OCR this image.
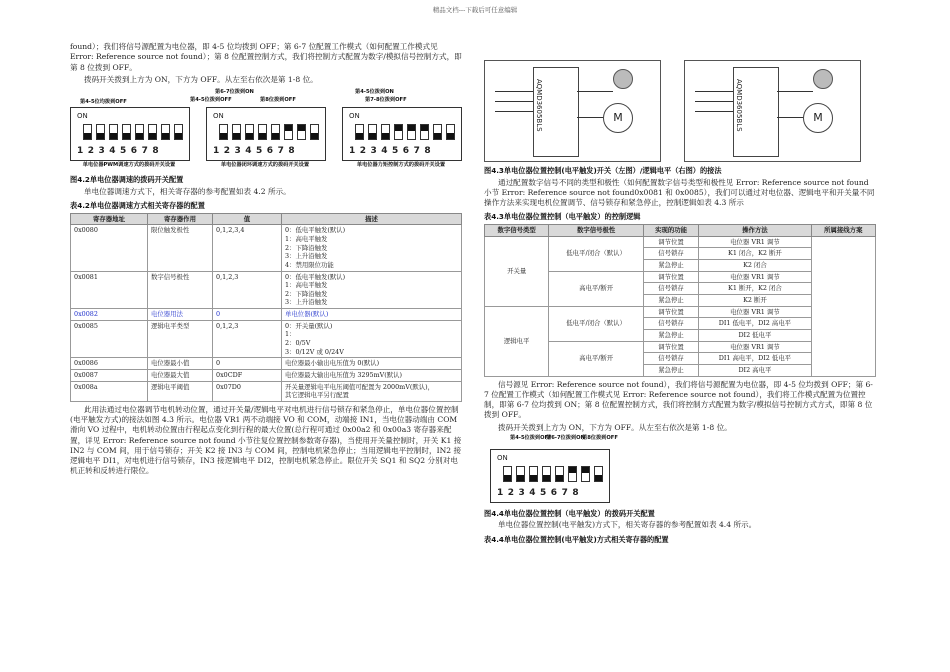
精品文档---下载后可任意编辑

found）；我们将信号源配置为电位器，即 4-5 位均拨到 OFF；第 6-7 位配置工作模式（如何配置工作模式见 Error: Reference source not found）；第 8 位配置控制方式，我们将控制方式配置为数字/模拟信号控制方式，即第 8 位拨到 OFF。

拨码开关拨到上方为 ON，下方为 OFF。从左至右依次是第 1-8 位。

第4-5位均拨到OFF
第6-7位拨到ON
第8位拨到OFF
第4-5位拨到ON
第7-8位拨到OFF
第4-5位拨到OFF
ON
12345678
ON
12345678
ON
12345678
单电位器PWM调速方式的拨码开关设置	单电位器闭环调速方式的拨码开关设置	单电位器力矩控制方式的拨码开关设置
图4.2单电位器调速的拨码开关配置

单电位器调速方式下，相关寄存器的参考配置如表 4.2 所示。

表4.2单电位器调速方式相关寄存器的配置
寄存器地址	寄存器作用	值	描述
0x0080	限位触发极性	0,1,2,3,4	0：低电平触发(默认)
1：高电平触发
2：下降沿触发
3：上升沿触发
4：禁用限位功能

0x0081	数字信号极性	0,1,2,3	0：低电平触发(默认)
1：高电平触发
2：下降沿触发
3：上升沿触发

0x0082	电位器用法	0	单电位器(默认)
0x0085	逻辑电平类型	0,1,2,3	0：开关量(默认)
1：
2：0/5V
3：0/12V 或 0/24V

0x0086	电位器最小值	0	电位器最小输出电压值为 0(默认)
0x0087	电位器最大值	0x0CDF	电位器最大输出电压值为 3295mV(默认)
0x008a	逻辑电平阈值	0x07D0	开关量逻辑电平电压阈值可配置为 2000mV(默认)，
其它逻辑电平另行配置

此用法通过电位器调节电机转动位置，通过开关量/逻辑电平对电机进行信号锁存和紧急停止，单电位器位置控制(电平触发方式)的接法如图 4.3 所示。电位器 VR1 两不动端接 VO 和 COM，动端接 IN1，当电位器动端由 COM 滑向 VO 过程中，电机转动位置由行程起点变化到行程的最大位置(总行程可通过 0x00a2 和 0x00a3 寄存器来配置，详见 Error: Reference source not found 小节往复位置控制参数寄存器)，当使用开关量控制时，开关 K1 接 IN2 与 COM 间，用于信号锁存；开关 K2 接 IN3 与 COM 间，控制电机紧急停止；当用逻辑电平控制时，IN2 接逻辑电平 DI1，对电机进行信号锁存，IN3 接逻辑电平 DI2，控制电机紧急停止。限位开关 SQ1 和 SQ2 分别对电机正转和反转进行限位。

AQMD3605BLS	M	AQMD3605BLS	M
图4.3单电位器位置控制(电平触发)开关（左图）/逻辑电平（右图）的接法

通过配置数字信号不同的类型和极性（如何配置数字信号类型和极性见 Error: Reference source not found 小节 Error: Reference source not found0x0081 和 0x0085），我们可以通过对电位器、逻辑电平和开关量不同操作方法来实现电机位置调节、信号锁存和紧急停止，控制逻辑如表 4.3 所示

表4.3单电位器位置控制（电平触发）的控制逻辑
数字信号类型	数字信号极性	实现的功能	操作方法	所属接线方案
开关量	低电平/闭合（默认）	调节位置	电位器 VR1 调节	
		信号锁存	K1 闭合，K2 断开	
		紧急停止	K2 闭合	
	高电平/断开	调节位置	电位器 VR1 调节	
		信号锁存	K1 断开，K2 闭合	
		紧急停止	K2 断开	
逻辑电平	低电平/闭合（默认）	调节位置	电位器 VR1 调节	
		信号锁存	DI1 低电平，DI2 高电平	
		紧急停止	DI2 低电平	
	高电平/断开	调节位置	电位器 VR1 调节	
		信号锁存	DI1 高电平，DI2 低电平	
		紧急停止	DI2 高电平	

信号源见 Error: Reference source not found），我们将信号源配置为电位器，即 4-5 位均拨到 OFF；第 6-7 位配置工作模式（如何配置工作模式见 Error: Reference source not found），我们将工作模式配置为位置控制，即第 6-7 位均拨到 ON；第 8 位配置控制方式，我们将控制方式配置为数字/模拟信号控制方式方式，即第 8 位拨到 OFF。

拨码开关拨到上方为 ON，下方为 OFF。从左至右依次是第 1-8 位。

第4-5位拨到OFF
第6-7位拨到ON
第8位拨到OFF
ON
12345678
图4.4单电位器位置控制（电平触发）的拨码开关配置

单电位器位置控制(电平触发)方式下，相关寄存器的参考配置如表 4.4 所示。

表4.4单电位器位置控制(电平触发)方式相关寄存器的配置
